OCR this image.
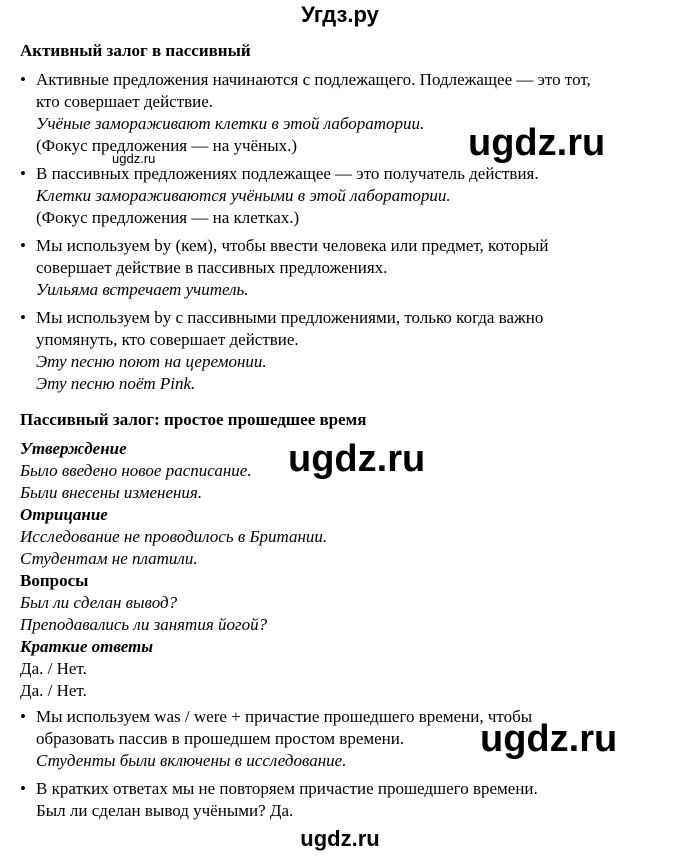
Угдз.ру
Активный залог в пассивный
• Активные предложения начинаются с подлежащего. Подлежащее — это тот,
кто совершает действие.
Учёные замораживают клетки в этой лаборатории.
(Фокус предложения — на учёных.)
• В пассивных предложениях подлежащее — это получатель действия.
Клетки замораживаются учёными в этой лаборатории.
(Фокус предложения — на клетках.)
• Мы используем by (кем), чтобы ввести человека или предмет, который
совершает действие в пассивных предложениях.
Уильяма встречает учитель.
• Мы используем by с пассивными предложениями, только когда важно
упомянуть, кто совершает действие.
Эту песню поют на церемонии.
Эту песню поёт Pink.
Пассивный залог: простое прошедшее время
Утверждение
Было введено новое расписание.
Были внесены изменения.
Отрицание
Исследование не проводилось в Британии.
Студентам не платили.
Вопросы
Был ли сделан вывод?
Преподавались ли занятия йогой?
Краткие ответы
Да. / Нет.
Да. / Нет.
• Мы используем was / were + причастие прошедшего времени, чтобы
образовать пассив в прошедшем простом времени.
Студенты были включены в исследование.
• В кратких ответах мы не повторяем причастие прошедшего времени.
Был ли сделан вывод учёными? Да.
ugdz.ru
ugdz.ru
ugdz.ru
ugdz.ru
ugdz.ru
